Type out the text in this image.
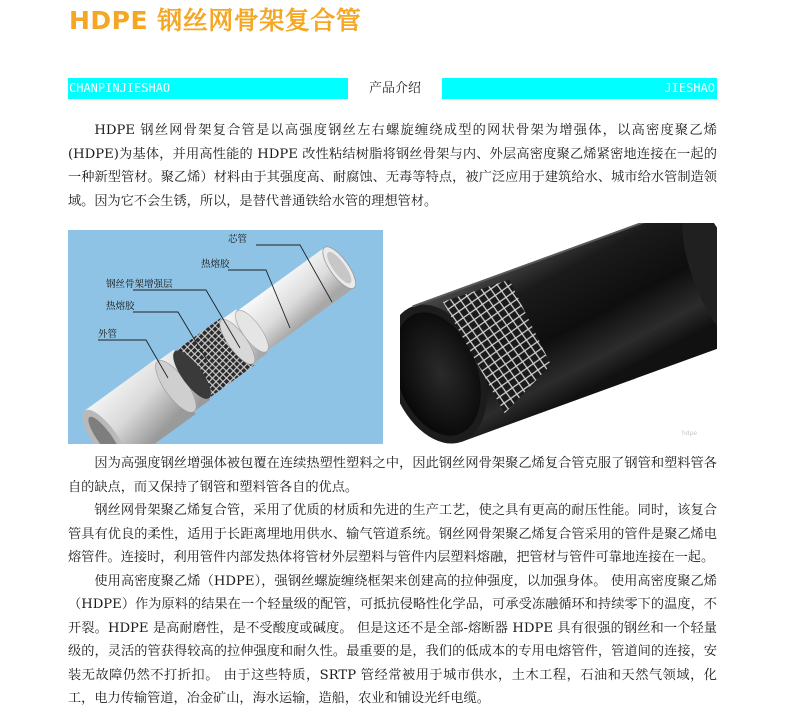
HDPE 钢丝网骨架复合管
CHANPINJIESHAO	产品介绍	JIESHAO

HDPE 钢丝网骨架复合管是以高强度钢丝左右螺旋缠绕成型的网状骨架为增强体，以高密度聚乙烯(HDPE)为基体，并用高性能的 HDPE 改性粘结树脂将钢丝骨架与内、外层高密度聚乙烯紧密地连接在一起的一种新型管材。聚乙烯）材料由于其强度高、耐腐蚀、无毒等特点，被广泛应用于建筑给水、城市给水管制造领域。因为它不会生锈，所以，是替代普通铁给水管的理想管材。

芯管
热熔胶
钢丝骨架增强层
热熔胶
外管
hdpe
因为高强度钢丝增强体被包覆在连续热塑性塑料之中，因此钢丝网骨架聚乙烯复合管克服了钢管和塑料管各自的缺点，而又保持了钢管和塑料管各自的优点。
钢丝网骨架聚乙烯复合管，采用了优质的材质和先进的生产工艺，使之具有更高的耐压性能。同时，该复合管具有优良的柔性，适用于长距离埋地用供水、输气管道系统。钢丝网骨架聚乙烯复合管采用的管件是聚乙烯电熔管件。连接时，利用管件内部发热体将管材外层塑料与管件内层塑料熔融，把管材与管件可靠地连接在一起。
使用高密度聚乙烯（HDPE），强钢丝螺旋缠绕框架来创建高的拉伸强度，以加强身体。 使用高密度聚乙烯（HDPE）作为原料的结果在一个轻量级的配管，可抵抗侵略性化学品，可承受冻融循环和持续零下的温度，不开裂。HDPE 是高耐磨性，是不受酸度或碱度。 但是这还不是全部-熔断器 HDPE 具有很强的钢丝和一个轻量级的，灵活的管获得较高的拉伸强度和耐久性。最重要的是，我们的低成本的专用电熔管件，管道间的连接，安装无故障仍然不打折扣。 由于这些特质，SRTP 管经常被用于城市供水，土木工程，石油和天然气领域，化工，电力传输管道，冶金矿山，海水运输，造船，农业和铺设光纤电缆。
